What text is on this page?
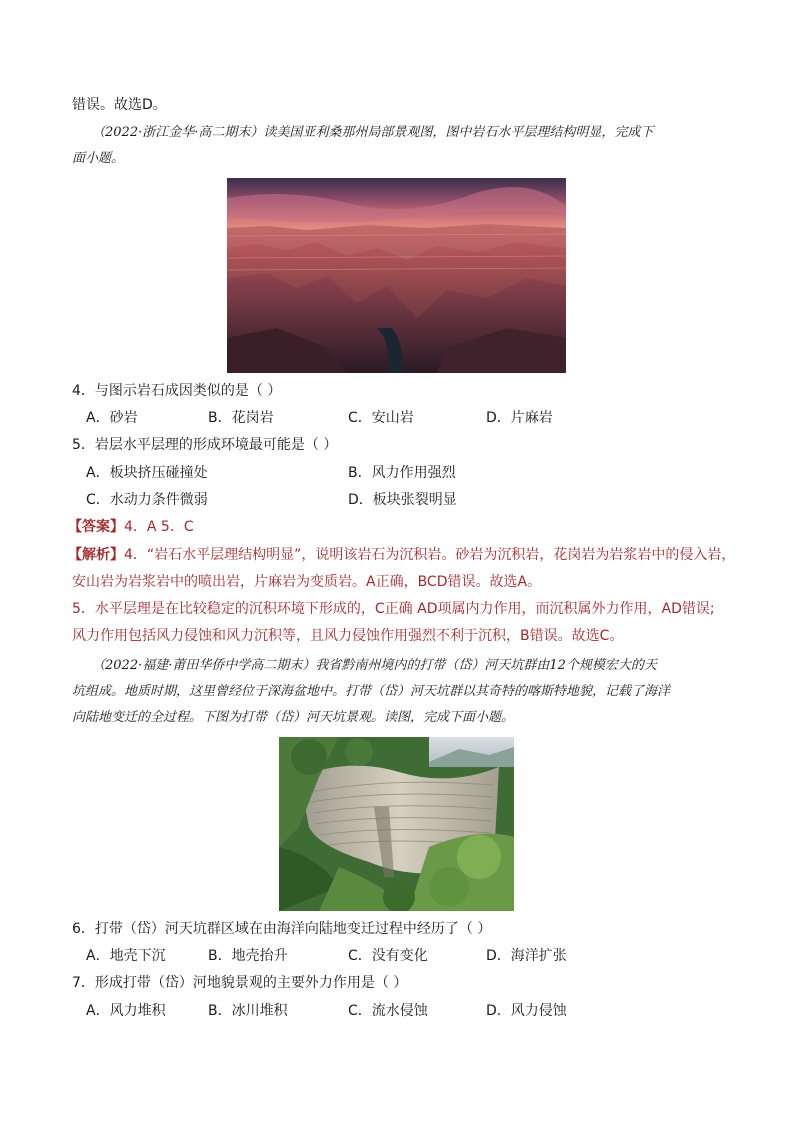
错误。故选D。
（2022·浙江金华·高二期末）读美国亚利桑那州局部景观图，图中岩石水平层理结构明显，完成下
面小题。
4．与图示岩石成因类似的是（ ）
A．砂岩	B．花岗岩	C．安山岩	D．片麻岩
5．岩层水平层理的形成环境最可能是（ ）
A．板块挤压碰撞处	B．风力作用强烈
C．水动力条件微弱	D．板块张裂明显
【答案】4．A 5．C
【解析】4．“岩石水平层理结构明显”，说明该岩石为沉积岩。砂岩为沉积岩，花岗岩为岩浆岩中的侵入岩，
安山岩为岩浆岩中的喷出岩，片麻岩为变质岩。A正确，BCD错误。故选A。
5．水平层理是在比较稳定的沉积环境下形成的，C正确 AD项属内力作用，而沉积属外力作用，AD错误;
风力作用包括风力侵蚀和风力沉积等，且风力侵蚀作用强烈不利于沉积，B错误。故选C。
（2022·福建·莆田华侨中学高二期末）我省黔南州境内的打带（岱）河天坑群由12个规模宏大的天
坑组成。地质时期，这里曾经位于深海盆地中。打带（岱）河天坑群以其奇特的喀斯特地貌，记载了海洋
向陆地变迁的全过程。下图为打带（岱）河天坑景观。读图，完成下面小题。
6．打带（岱）河天坑群区域在由海洋向陆地变迁过程中经历了（ ）
A．地壳下沉	B．地壳抬升	C．没有变化	D．海洋扩张
7．形成打带（岱）河地貌景观的主要外力作用是（ ）
A．风力堆积	B．冰川堆积	C．流水侵蚀	D．风力侵蚀
